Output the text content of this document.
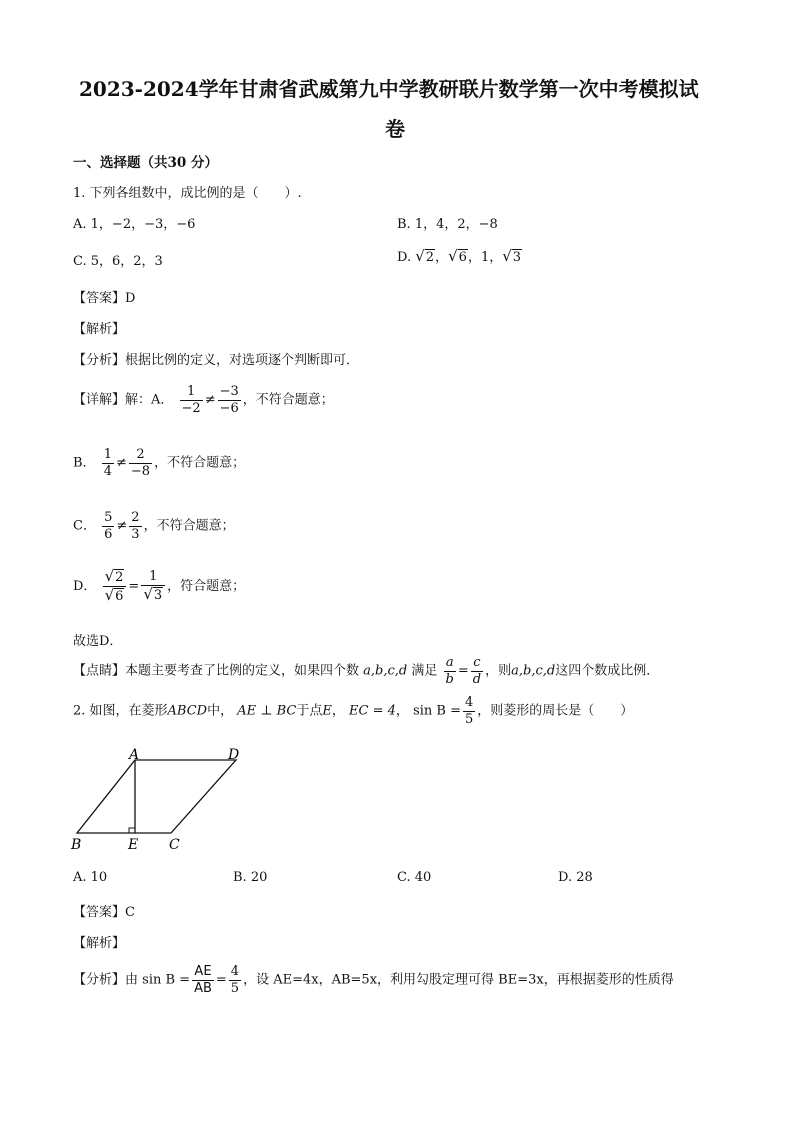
2023-2024学年甘肃省武威第九中学教研联片数学第一次中考模拟试
卷
一、选择题（共30 分）
1. 下列各组数中，成比例的是（　　）.
A. 1，−2，−3，−6	B. 1，4，2，−8
C. 5，6，2，3	D. √2，√6，1，√3
【答案】D
【解析】
【分析】根据比例的定义，对选项逐个判断即可．
【详解】解：A． $\frac{1}{-2} \ne \frac{-3}{-6}$ ，不符合题意；
B． $\frac{1}{4} \ne \frac{2}{-8}$ ，不符合题意；
C． $\frac{5}{6} \ne \frac{2}{3}$ ，不符合题意；
D． $\frac{√2}{√6} = \frac{1}{√3}$ ，符合题意；
故选D．
【点睛】本题主要考查了比例的定义，如果四个数 a,b,c,d 满足 $\frac{a}{b} = \frac{c}{d}$ ，则a,b,c,d这四个数成比例．
2. 如图，在菱形ABCD中， AE ⊥ BC于点E， EC = 4， $\sin B = \frac{4}{5}$ ，则菱形的周长是（　　）
A	D
B	E C
A. 10	B. 20	C. 40	D. 28
【答案】C
【解析】
【分析】由 $\sin B = \frac{AE}{AB} = \frac{4}{5}$ ，设 AE=4x，AB=5x，利用勾股定理可得 BE=3x，再根据菱形的性质得
